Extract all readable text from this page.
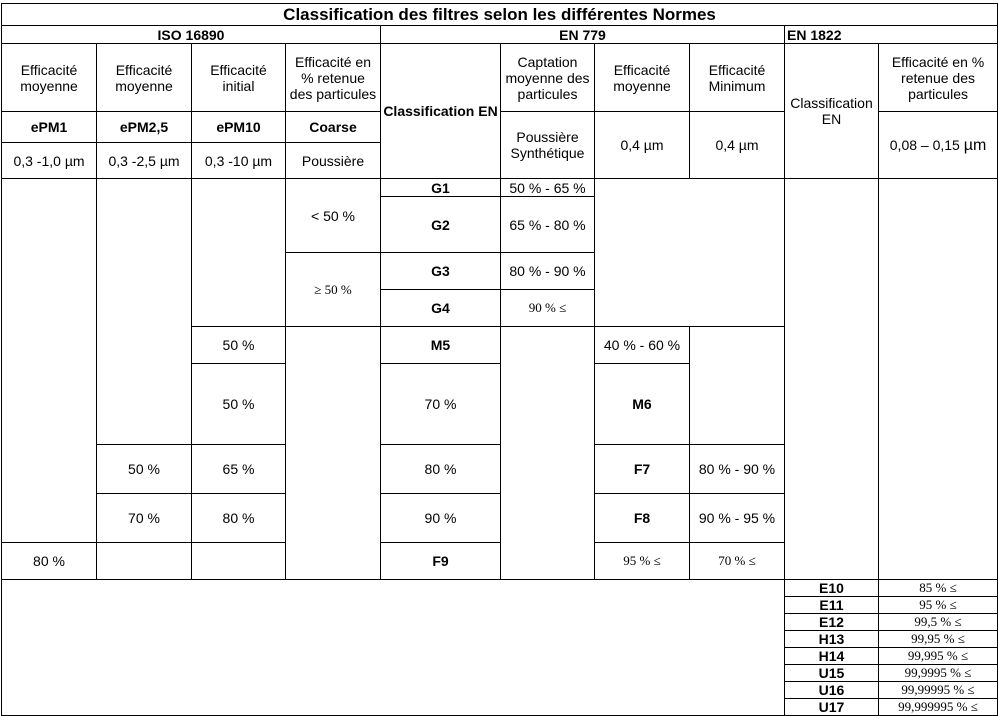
Classification des filtres selon les différentes Normes										
ISO 16890				EN 779				EN 1822		
Efficacité moyenne	Efficacité moyenne	Efficacité initial	Efficacité en % retenue des particules	Classification EN	Captation moyenne des particules	Efficacité moyenne	Efficacité Minimum	Classification EN	Efficacité en % retenue des particules	
ePM1	ePM2,5	ePM10	Coarse		Poussière Synthétique	0,4 µm	0,4 µm		0,08 – 0,15 µm	
0,3 -1,0 µm	0,3 -2,5 µm	0,3 -10 µm	Poussière							
			< 50 %	G1	50 % - 65 %					
				G2	65 % - 80 %					
			≥ 50 %	G3	80 % - 90 %					
				G4	90 % ≤					
		50 %		M5		40 % - 60 %				
		50 %		70 %		M6	
	50 %	65 %		80 %		F7	80 % - 90 %	
	70 %	80 %		90 %		F8	90 % - 95 %	
80 %				F9		95 % ≤	70 % ≤			
								E10	85 % ≤	
								E11	95 % ≤	
								E12	99,5 % ≤	
								H13	99,95 % ≤	
								H14	99,995 % ≤	
								U15	99,9995 % ≤	
								U16	99,99995 % ≤	
								U17	99,999995 % ≤	
